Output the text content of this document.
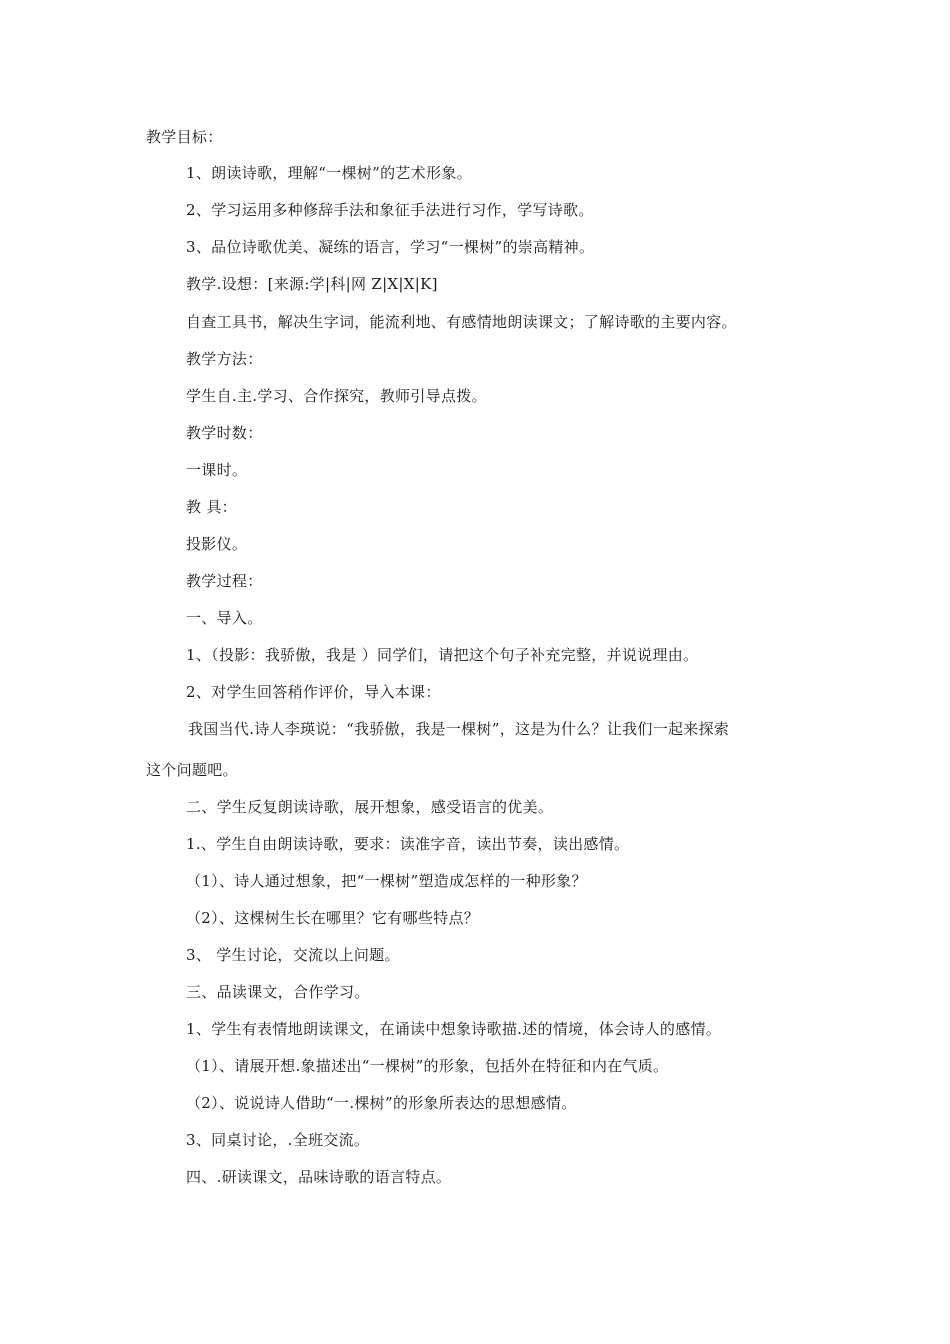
教学目标：
1、朗读诗歌，理解“一棵树”的艺术形象。
2、学习运用多种修辞手法和象征手法进行习作，学写诗歌。
3、品位诗歌优美、凝练的语言，学习“一棵树”的崇高精神。
教学.设想：[来源:学|科|网 Z|X|X|K]
自查工具书，解决生字词，能流利地、有感情地朗读课文；了解诗歌的主要内容。
教学方法：
学生自.主.学习、合作探究，教师引导点拨。
教学时数：
一课时。
教 具：
投影仪。
教学过程：
一、导入。
1、（投影：我骄傲，我是 ）同学们，请把这个句子补充完整，并说说理由。
2、对学生回答稍作评价，导入本课：
我国当代.诗人李瑛说：“我骄傲，我是一棵树”，这是为什么？让我们一起来探索
这个问题吧。
二、学生反复朗读诗歌，展开想象，感受语言的优美。
1.、学生自由朗读诗歌，要求：读准字音，读出节奏，读出感情。
（1）、诗人通过想象，把“一棵树”塑造成怎样的一种形象？
（2）、这棵树生长在哪里？它有哪些特点？
3、 学生讨论，交流以上问题。
三、品读课文，合作学习。
1、学生有表情地朗读课文，在诵读中想象诗歌描.述的情境，体会诗人的感情。
（1）、请展开想.象描述出“一棵树”的形象，包括外在特征和内在气质。
（2）、说说诗人借助“一.棵树”的形象所表达的思想感情。
3、同桌讨论，.全班交流。
四、.研读课文，品味诗歌的语言特点。
